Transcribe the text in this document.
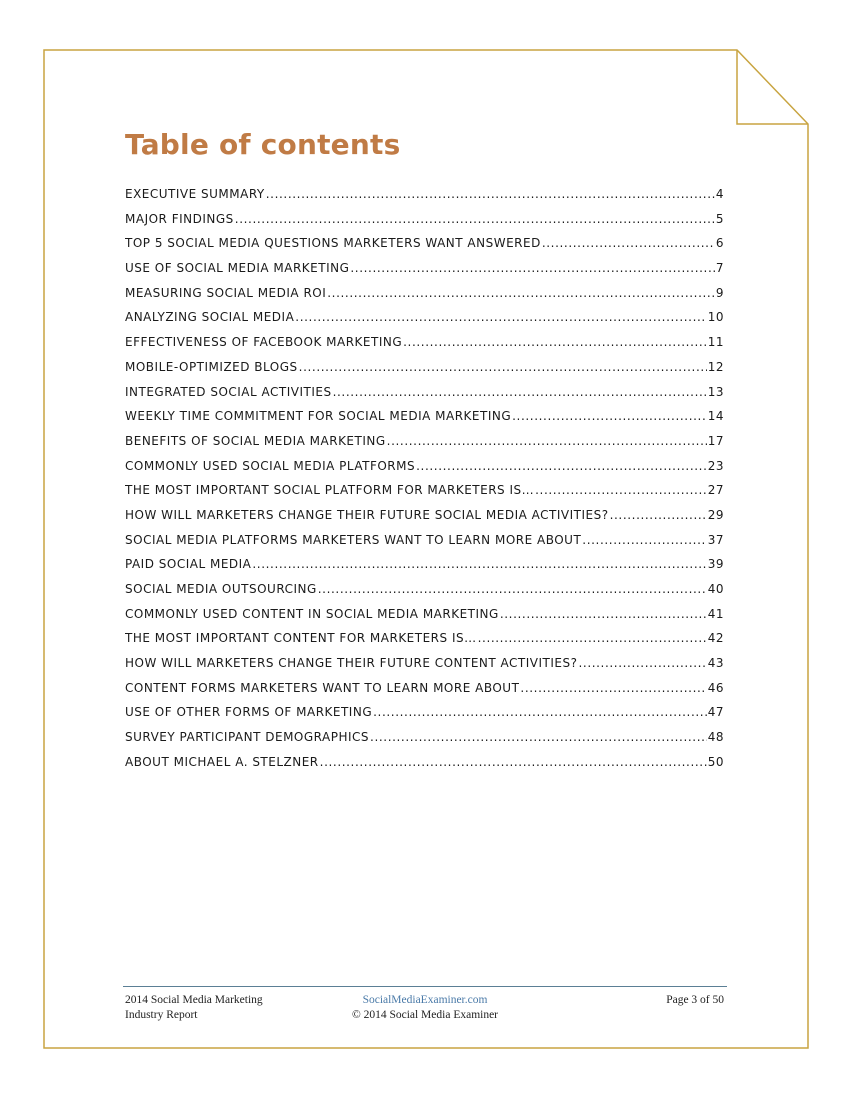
Table of contents
EXECUTIVE SUMMARY .....	4
MAJOR FINDINGS .....	5
TOP 5 SOCIAL MEDIA QUESTIONS MARKETERS WANT ANSWERED .....	6
USE OF SOCIAL MEDIA MARKETING .....	7
MEASURING SOCIAL MEDIA ROI .....	9
ANALYZING SOCIAL MEDIA .....	10
EFFECTIVENESS OF FACEBOOK MARKETING .....	11
MOBILE-OPTIMIZED BLOGS .....	12
INTEGRATED SOCIAL ACTIVITIES .....	13
WEEKLY TIME COMMITMENT FOR SOCIAL MEDIA MARKETING .....	14
BENEFITS OF SOCIAL MEDIA MARKETING .....	17
COMMONLY USED SOCIAL MEDIA PLATFORMS .....	23
THE MOST IMPORTANT SOCIAL PLATFORM FOR MARKETERS IS… .....	27
HOW WILL MARKETERS CHANGE THEIR FUTURE SOCIAL MEDIA ACTIVITIES? .....	29
SOCIAL MEDIA PLATFORMS MARKETERS WANT TO LEARN MORE ABOUT .....	37
PAID SOCIAL MEDIA .....	39
SOCIAL MEDIA OUTSOURCING .....	40
COMMONLY USED CONTENT IN SOCIAL MEDIA MARKETING .....	41
THE MOST IMPORTANT CONTENT FOR MARKETERS IS… .....	42
HOW WILL MARKETERS CHANGE THEIR FUTURE CONTENT ACTIVITIES? .....	43
CONTENT FORMS MARKETERS WANT TO LEARN MORE ABOUT .....	46
USE OF OTHER FORMS OF MARKETING .....	47
SURVEY PARTICIPANT DEMOGRAPHICS .....	48
ABOUT MICHAEL A. STELZNER .....	50
2014 Social Media Marketing
Industry Report
SocialMediaExaminer.com
© 2014 Social Media Examiner
Page 3 of 50
